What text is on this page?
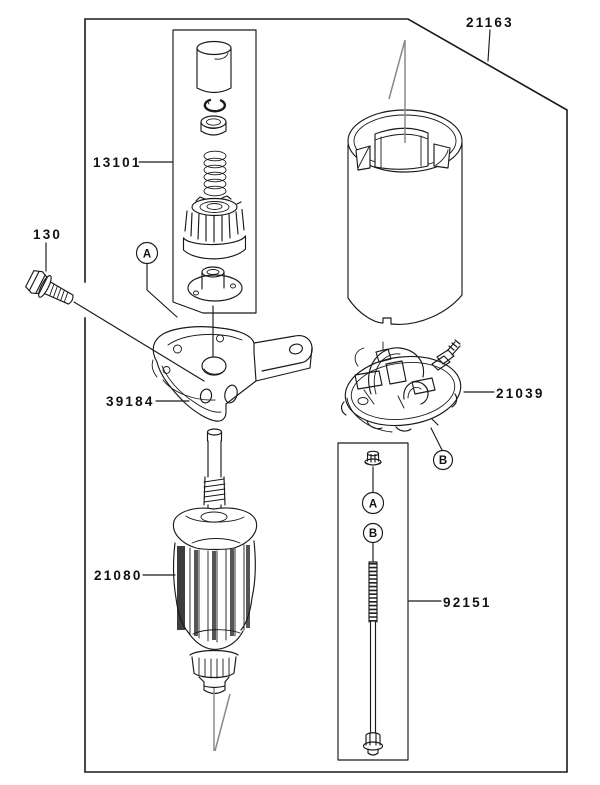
21163
13101
130
A
39184
21039
B
21080
A
B
92151
